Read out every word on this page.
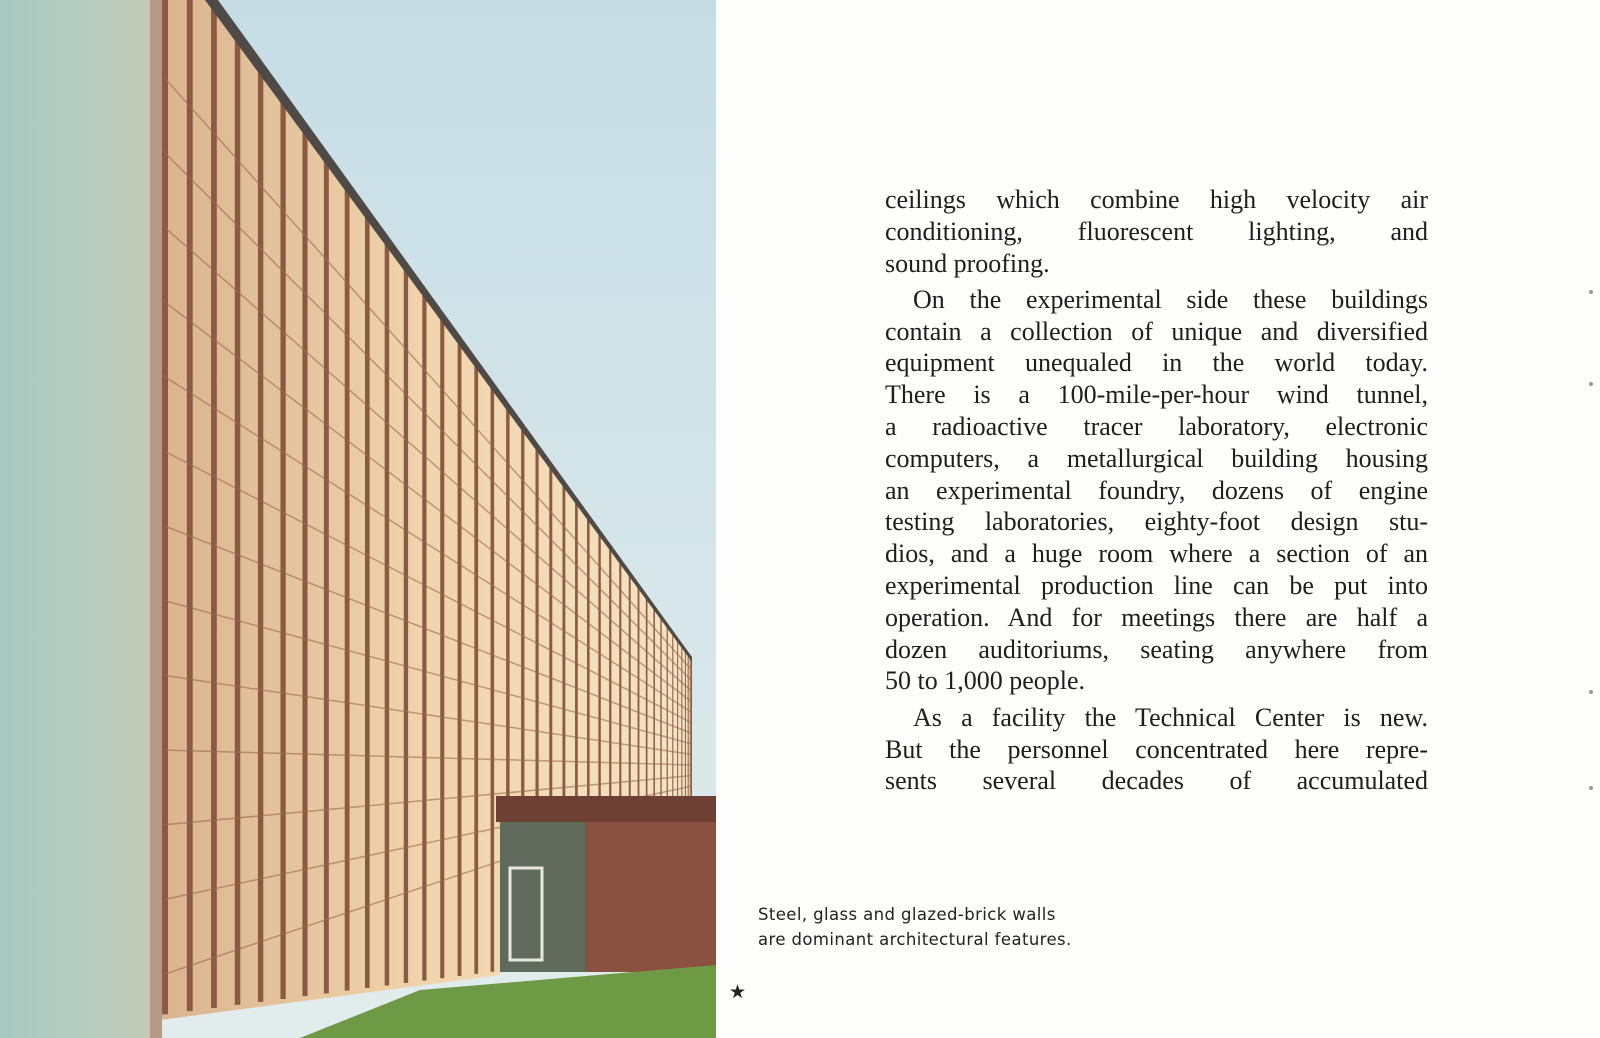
ceilings which combine high velocity air
conditioning, fluorescent lighting, and
sound proofing.
On the experimental side these buildings
contain a collection of unique and diversified
equipment unequaled in the world today.
There is a 100-mile-per-hour wind tunnel,
a radioactive tracer laboratory, electronic
computers, a metallurgical building housing
an experimental foundry, dozens of engine
testing laboratories, eighty-foot design stu-
dios, and a huge room where a section of an
experimental production line can be put into
operation. And for meetings there are half a
dozen auditoriums, seating anywhere from
50 to 1,000 people.
As a facility the Technical Center is new.
But the personnel concentrated here repre-
sents several decades of accumulated
Steel, glass and glazed-brick walls
are dominant architectural features.
★
